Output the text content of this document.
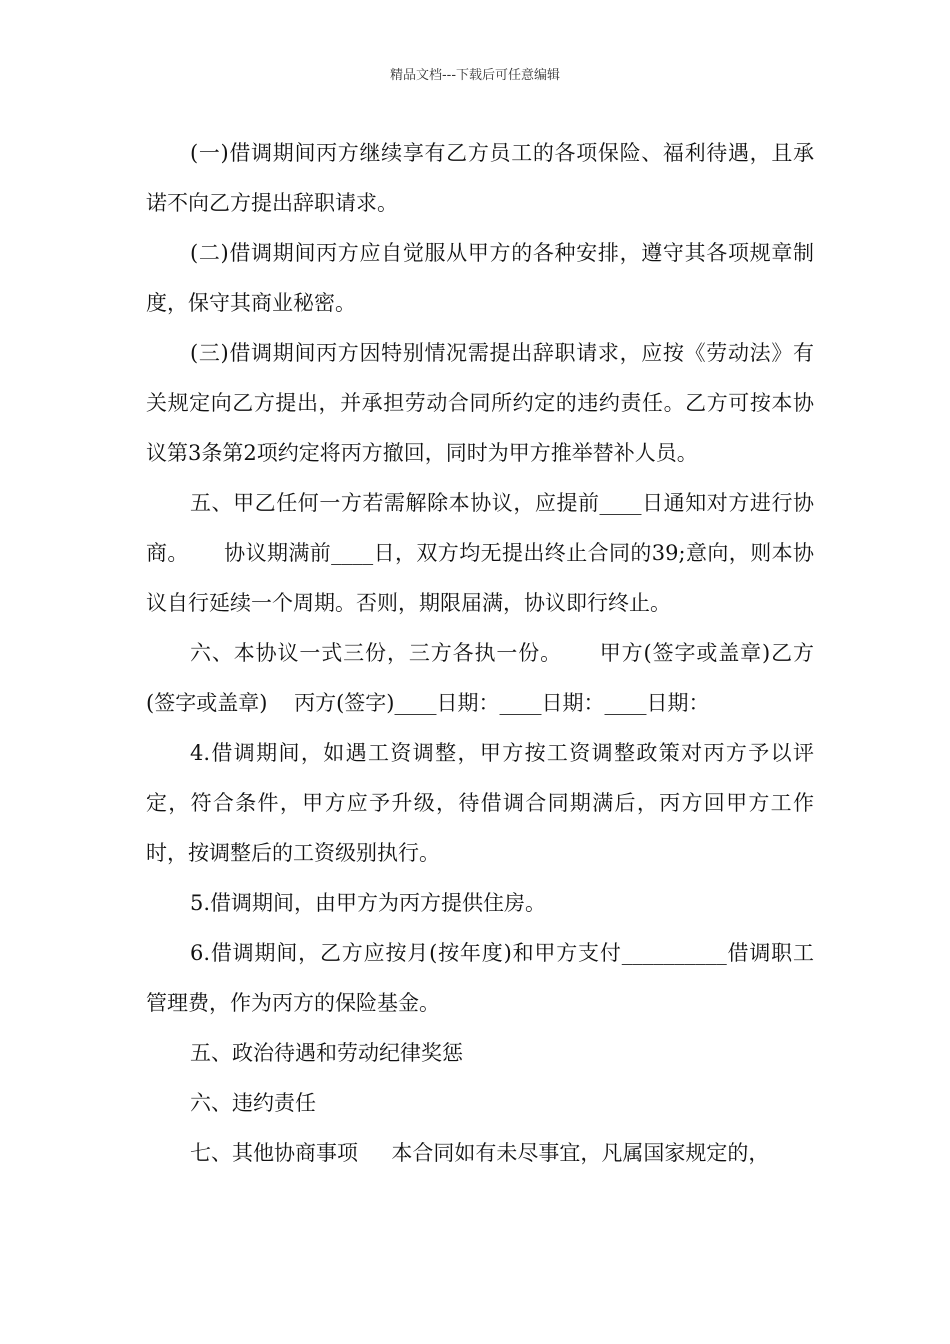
精品文档---下载后可任意编辑

(一)借调期间丙方继续享有乙方员工的各项保险、福利待遇，且承诺不向乙方提出辞职请求。

(二)借调期间丙方应自觉服从甲方的各种安排，遵守其各项规章制度，保守其商业秘密。

(三)借调期间丙方因特别情况需提出辞职请求，应按《劳动法》有关规定向乙方提出，并承担劳动合同所约定的违约责任。乙方可按本协议第3条第2项约定将丙方撤回，同时为甲方推举替补人员。

五、甲乙任何一方若需解除本协议，应提前____日通知对方进行协商。     协议期满前____日，双方均无提出终止合同的39;意向，则本协议自行延续一个周期。否则，期限届满，协议即行终止。

六、本协议一式三份，三方各执一份。     甲方(签字或盖章)乙方(签字或盖章)    丙方(签字)____日期：____日期：____日期：

4.借调期间，如遇工资调整，甲方按工资调整政策对丙方予以评定，符合条件，甲方应予升级，待借调合同期满后，丙方回甲方工作时，按调整后的工资级别执行。

5.借调期间，由甲方为丙方提供住房。

6.借调期间，乙方应按月(按年度)和甲方支付__________借调职工管理费，作为丙方的保险基金。

五、政治待遇和劳动纪律奖惩

六、违约责任

七、其他协商事项     本合同如有未尽事宜，凡属国家规定的，
